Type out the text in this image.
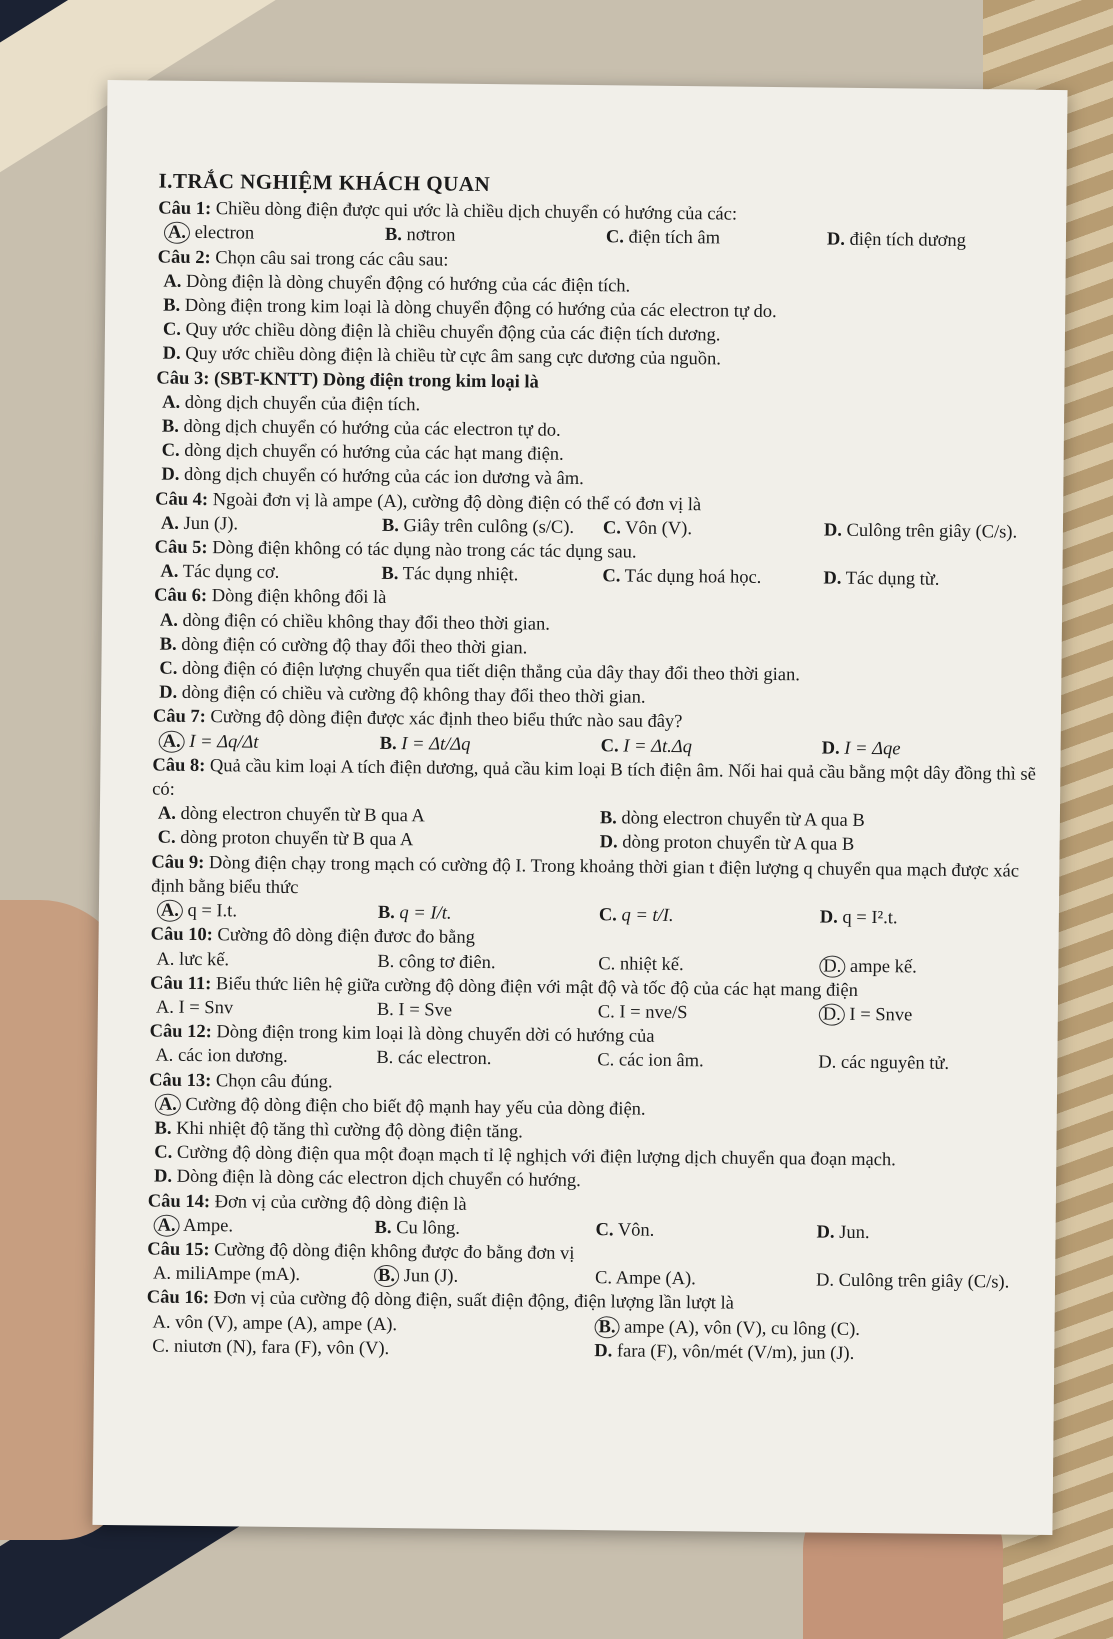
I.TRẮC NGHIỆM KHÁCH QUAN
Câu 1: Chiều dòng điện được qui ước là chiều dịch chuyển có hướng của các:
A. electron	B. nơtron	C. điện tích âm	D. điện tích dương
Câu 2: Chọn câu sai trong các câu sau:
A. Dòng điện là dòng chuyển động có hướng của các điện tích.
B. Dòng điện trong kim loại là dòng chuyển động có hướng của các electron tự do.
C. Quy ước chiều dòng điện là chiều chuyển động của các điện tích dương.
D. Quy ước chiều dòng điện là chiều từ cực âm sang cực dương của nguồn.
Câu 3: (SBT-KNTT) Dòng điện trong kim loại là
A. dòng dịch chuyển của điện tích.
B. dòng dịch chuyển có hướng của các electron tự do.
C. dòng dịch chuyển có hướng của các hạt mang điện.
D. dòng dịch chuyển có hướng của các ion dương và âm.
Câu 4: Ngoài đơn vị là ampe (A), cường độ dòng điện có thể có đơn vị là
A. Jun (J).	B. Giây trên culông (s/C).	C. Vôn (V).	D. Culông trên giây (C/s).
Câu 5: Dòng điện không có tác dụng nào trong các tác dụng sau.
A. Tác dụng cơ.	B. Tác dụng nhiệt.	C. Tác dụng hoá học.	D. Tác dụng từ.
Câu 6: Dòng điện không đổi là
A. dòng điện có chiều không thay đổi theo thời gian.
B. dòng điện có cường độ thay đổi theo thời gian.
C. dòng điện có điện lượng chuyển qua tiết diện thẳng của dây thay đổi theo thời gian.
D. dòng điện có chiều và cường độ không thay đổi theo thời gian.
Câu 7: Cường độ dòng điện được xác định theo biểu thức nào sau đây?
A. I = Δq/Δt	B. I = Δt/Δq	C. I = Δt.Δq	D. I = Δqe
Câu 8: Quả cầu kim loại A tích điện dương, quả cầu kim loại B tích điện âm. Nối hai quả cầu bằng một dây đồng thì sẽ có:
A. dòng electron chuyển từ B qua A	B. dòng electron chuyển từ A qua B
C. dòng proton chuyển từ B qua A	D. dòng proton chuyển từ A qua B
Câu 9: Dòng điện chạy trong mạch có cường độ I. Trong khoảng thời gian t điện lượng q chuyển qua mạch được xác định bằng biểu thức
A. q = I.t.	B. q = I/t.	C. q = t/I.	D. q = I².t.
Câu 10: Cường đô dòng điện đươc đo bằng
A. lưc kế.	B. công tơ điên.	C. nhiệt kế.	D. ampe kế.
Câu 11: Biểu thức liên hệ giữa cường độ dòng điện với mật độ và tốc độ của các hạt mang điện
A. I = Snv	B. I = Sve	C. I = nve/S	D. I = Snve
Câu 12: Dòng điện trong kim loại là dòng chuyển dời có hướng của
A. các ion dương.	B. các electron.	C. các ion âm.	D. các nguyên tử.
Câu 13: Chọn câu đúng.
A. Cường độ dòng điện cho biết độ mạnh hay yếu của dòng điện.
B. Khi nhiệt độ tăng thì cường độ dòng điện tăng.
C. Cường độ dòng điện qua một đoạn mạch tỉ lệ nghịch với điện lượng dịch chuyển qua đoạn mạch.
D. Dòng điện là dòng các electron dịch chuyển có hướng.
Câu 14: Đơn vị của cường độ dòng điện là
A. Ampe.	B. Cu lông.	C. Vôn.	D. Jun.
Câu 15: Cường độ dòng điện không được đo bằng đơn vị
A. miliAmpe (mA).	B. Jun (J).	C. Ampe (A).	D. Culông trên giây (C/s).
Câu 16: Đơn vị của cường độ dòng điện, suất điện động, điện lượng lần lượt là
A. vôn (V), ampe (A), ampe (A).	B. ampe (A), vôn (V), cu lông (C).
C. niutơn (N), fara (F), vôn (V).	D. fara (F), vôn/mét (V/m), jun (J).
